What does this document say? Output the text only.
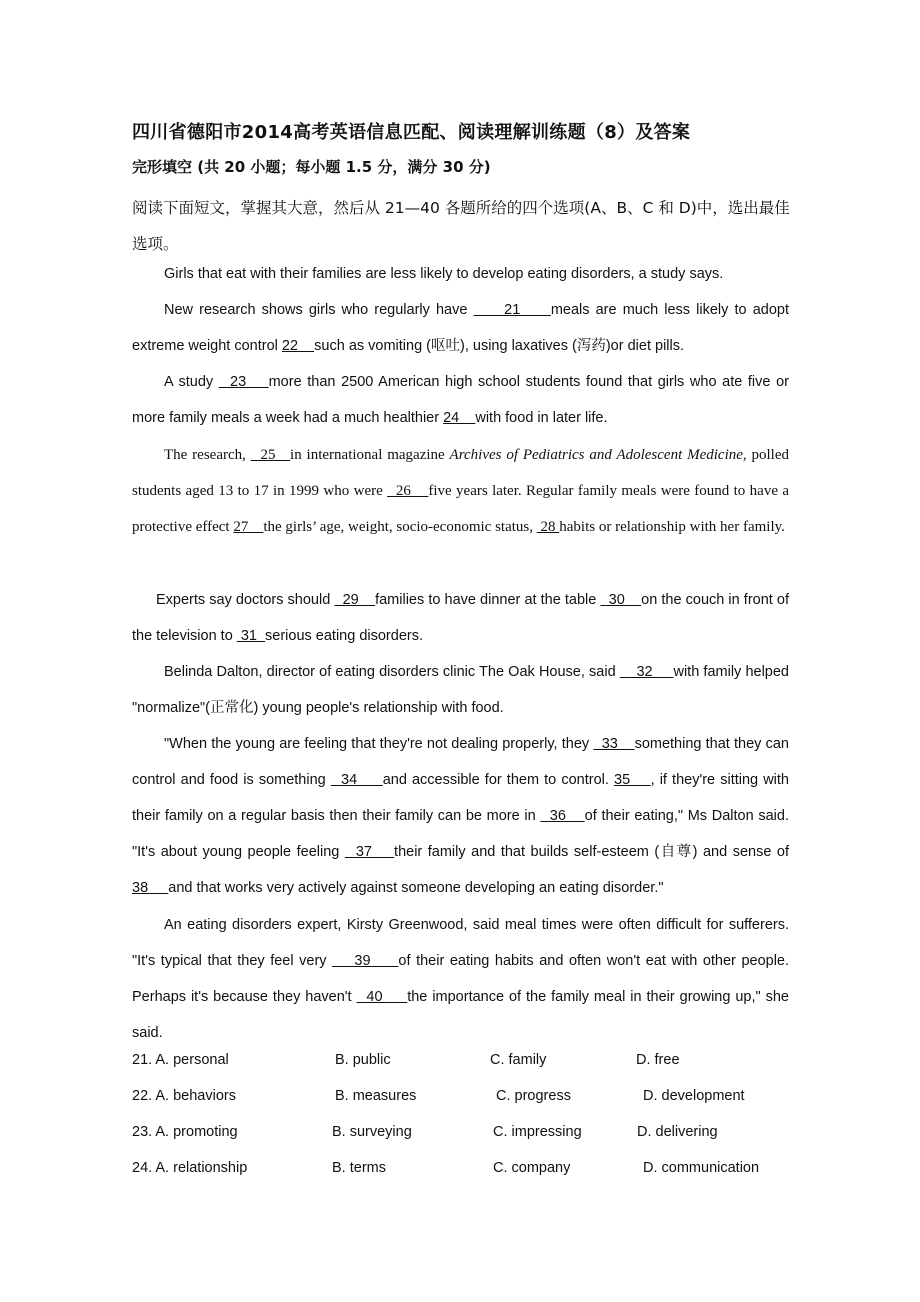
四川省德阳市2014高考英语信息匹配、阅读理解训练题（8）及答案
完形填空 (共 20 小题；每小题 1.5 分，满分 30 分)
阅读下面短文，掌握其大意，然后从 21—40 各题所给的四个选项(A、B、C 和 D)中，选出最佳选项。
Girls that eat with their families are less likely to develop eating disorders, a study says.
New research shows girls who regularly have      21     meals are much less likely to adopt extreme weight control 22    such as vomiting (呕吐), using laxatives (泻药)or diet pills.
A study   23    more than 2500 American high school students found that girls who ate five or more family meals a week had a much healthier 24    with food in later life.
The research,   25   in international magazine Archives of Pediatrics and Adolescent Medicine, polled students aged 13 to 17 in 1999 who were   26    five years later. Regular family meals were found to have a protective effect 27    the girls’ age, weight, socio-economic status,  28 habits or relationship with her family.
Experts say doctors should   29    families to have dinner at the table   30    on the couch in front of the television to  31  serious eating disorders.
Belinda Dalton, director of eating disorders clinic The Oak House, said     32     with family helped "normalize"(正常化) young people's relationship with food.
"When the young are feeling that they're not dealing properly, they   33    something that they can control and food is something   34     and accessible for them to control. 35    , if they're sitting with their family on a regular basis then their family can be more in   36    of their eating," Ms Dalton said. "It's about young people feeling   37    their family and that builds self-esteem (自尊) and sense of 38     and that works very actively against someone developing an eating disorder."
An eating disorders expert, Kirsty Greenwood, said meal times were often difficult for sufferers. "It's typical that they feel very     39     of their eating habits and often won't eat with other people. Perhaps it's because they haven't   40     the importance of the family meal in their growing up," she said.
21. A. personal	B. public	C. family	D. free
22. A. behaviors	B. measures	C. progress	D. development
23. A. promoting	B. surveying	C. impressing	D. delivering
24. A. relationship	B. terms	C. company	D. communication
